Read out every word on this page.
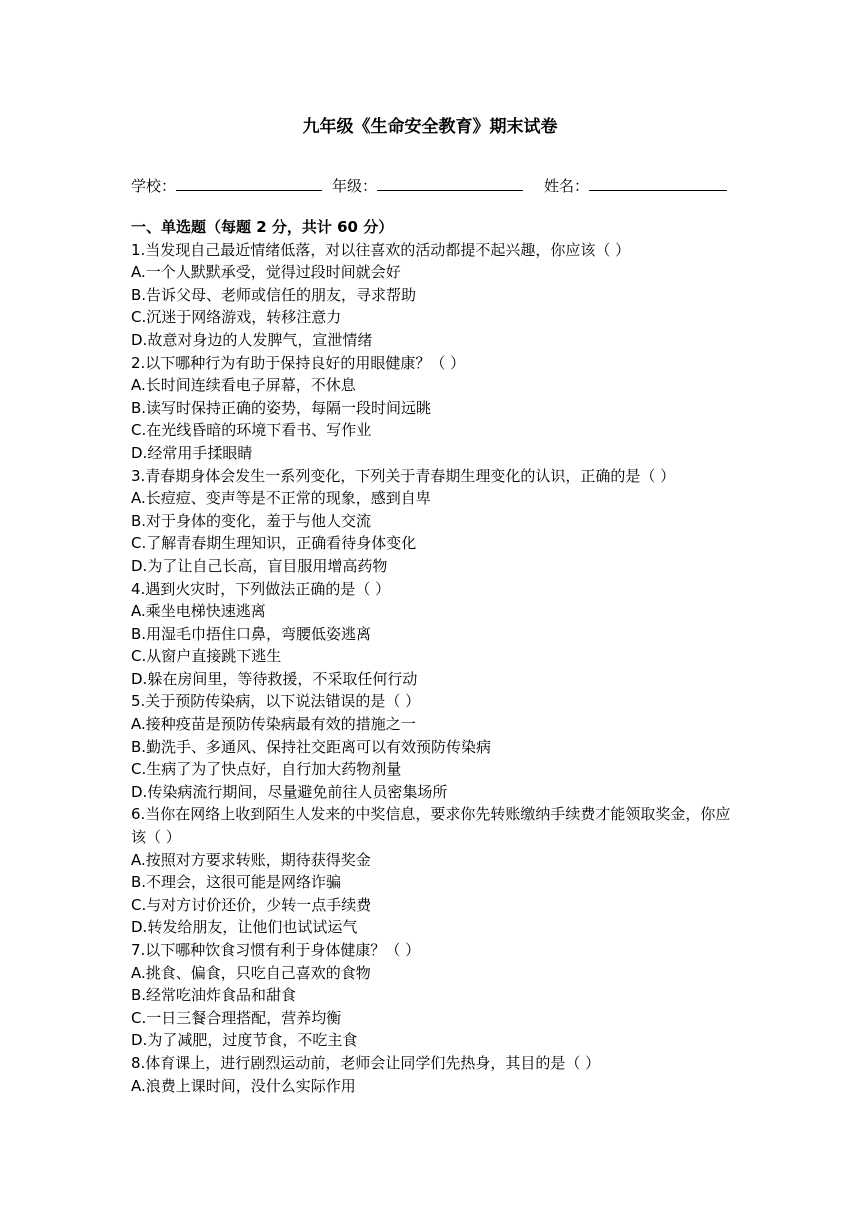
九年级《生命安全教育》期末试卷
学校：	年级：	姓名：
一、单选题（每题 2 分，共计 60 分）

1.当发现自己最近情绪低落，对以往喜欢的活动都提不起兴趣，你应该（ ）

A.一个人默默承受，觉得过段时间就会好

B.告诉父母、老师或信任的朋友，寻求帮助

C.沉迷于网络游戏，转移注意力

D.故意对身边的人发脾气，宣泄情绪

2.以下哪种行为有助于保持良好的用眼健康？（ ）

A.长时间连续看电子屏幕，不休息

B.读写时保持正确的姿势，每隔一段时间远眺

C.在光线昏暗的环境下看书、写作业

D.经常用手揉眼睛

3.青春期身体会发生一系列变化，下列关于青春期生理变化的认识，正确的是（ ）

A.长痘痘、变声等是不正常的现象，感到自卑

B.对于身体的变化，羞于与他人交流

C.了解青春期生理知识，正确看待身体变化

D.为了让自己长高，盲目服用增高药物

4.遇到火灾时，下列做法正确的是（ ）

A.乘坐电梯快速逃离

B.用湿毛巾捂住口鼻，弯腰低姿逃离

C.从窗户直接跳下逃生

D.躲在房间里，等待救援，不采取任何行动

5.关于预防传染病，以下说法错误的是（ ）

A.接种疫苗是预防传染病最有效的措施之一

B.勤洗手、多通风、保持社交距离可以有效预防传染病

C.生病了为了快点好，自行加大药物剂量

D.传染病流行期间，尽量避免前往人员密集场所

6.当你在网络上收到陌生人发来的中奖信息，要求你先转账缴纳手续费才能领取奖金，你应该（ ）

A.按照对方要求转账，期待获得奖金

B.不理会，这很可能是网络诈骗

C.与对方讨价还价，少转一点手续费

D.转发给朋友，让他们也试试运气

7.以下哪种饮食习惯有利于身体健康？（ ）

A.挑食、偏食，只吃自己喜欢的食物

B.经常吃油炸食品和甜食

C.一日三餐合理搭配，营养均衡

D.为了减肥，过度节食，不吃主食

8.体育课上，进行剧烈运动前，老师会让同学们先热身，其目的是（ ）

A.浪费上课时间，没什么实际作用
